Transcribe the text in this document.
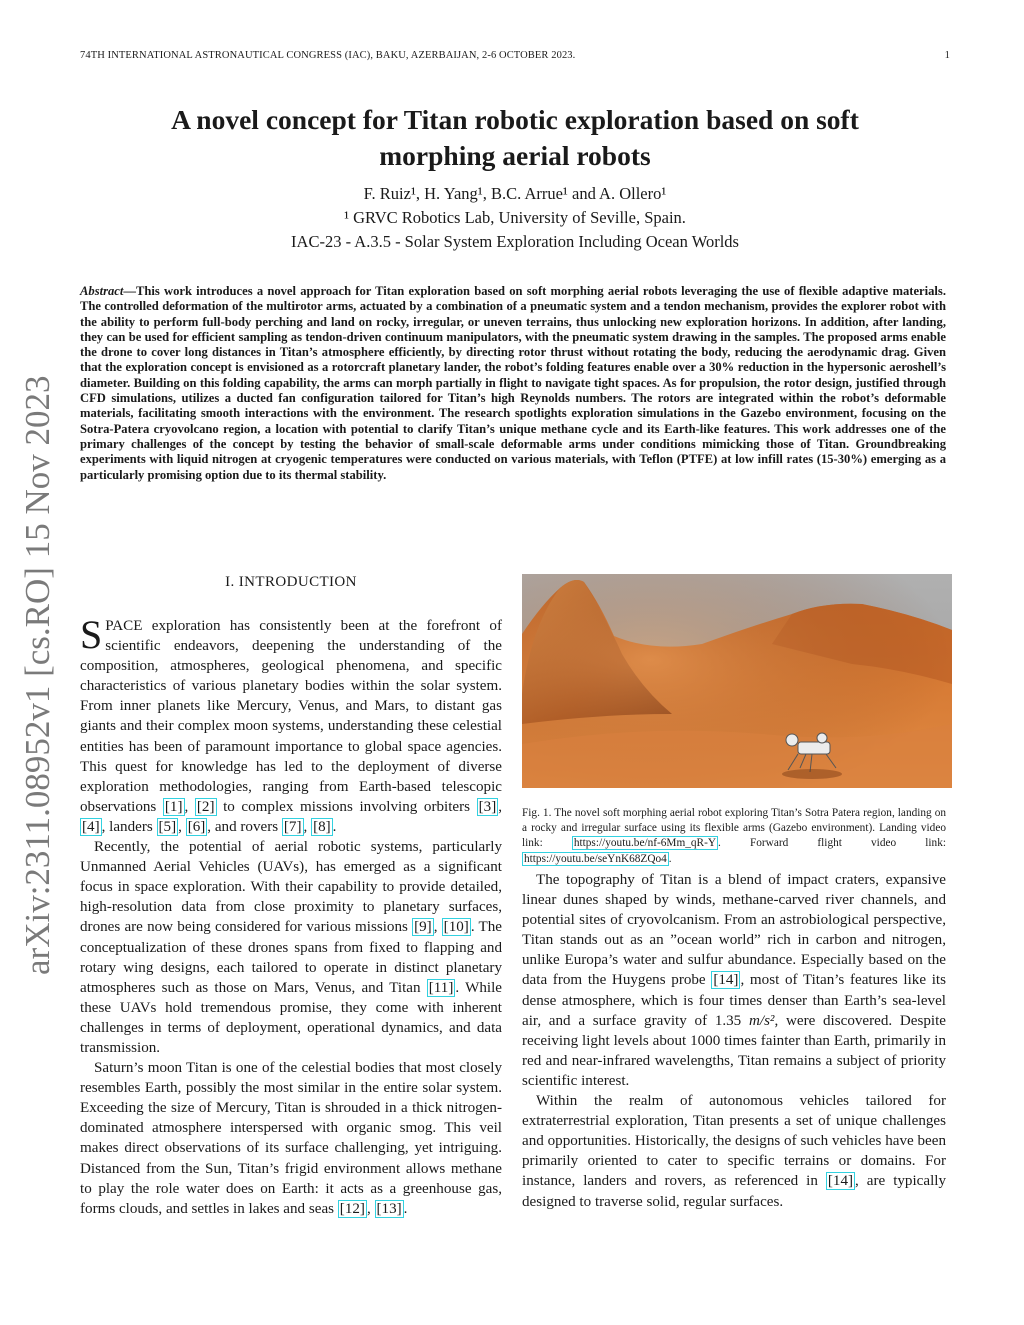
74TH INTERNATIONAL ASTRONAUTICAL CONGRESS (IAC), BAKU, AZERBAIJAN, 2-6 OCTOBER 2023.	1
arXiv:2311.08952v1 [cs.RO] 15 Nov 2023
A novel concept for Titan robotic exploration based on soft
morphing aerial robots
F. Ruiz¹, H. Yang¹, B.C. Arrue¹ and A. Ollero¹
¹ GRVC Robotics Lab, University of Seville, Spain.
IAC-23 - A.3.5 - Solar System Exploration Including Ocean Worlds
Abstract—This work introduces a novel approach for Titan exploration based on soft morphing aerial robots leveraging the use of flexible adaptive materials. The controlled deformation of the multirotor arms, actuated by a combination of a pneumatic system and a tendon mechanism, provides the explorer robot with the ability to perform full-body perching and land on rocky, irregular, or uneven terrains, thus unlocking new exploration horizons. In addition, after landing, they can be used for efficient sampling as tendon-driven continuum manipulators, with the pneumatic system drawing in the samples. The proposed arms enable the drone to cover long distances in Titan’s atmosphere efficiently, by directing rotor thrust without rotating the body, reducing the aerodynamic drag. Given that the exploration concept is envisioned as a rotorcraft planetary lander, the robot’s folding features enable over a 30% reduction in the hypersonic aeroshell’s diameter. Building on this folding capability, the arms can morph partially in flight to navigate tight spaces. As for propulsion, the rotor design, justified through CFD simulations, utilizes a ducted fan configuration tailored for Titan’s high Reynolds numbers. The rotors are integrated within the robot’s deformable materials, facilitating smooth interactions with the environment. The research spotlights exploration simulations in the Gazebo environment, focusing on the Sotra-Patera cryovolcano region, a location with potential to clarify Titan’s unique methane cycle and its Earth-like features. This work addresses one of the primary challenges of the concept by testing the behavior of small-scale deformable arms under conditions mimicking those of Titan. Groundbreaking experiments with liquid nitrogen at cryogenic temperatures were conducted on various materials, with Teflon (PTFE) at low infill rates (15-30%) emerging as a particularly promising option due to its thermal stability.
I. INTRODUCTION

SPACE exploration has consistently been at the forefront of scientific endeavors, deepening the understanding of the composition, atmospheres, geological phenomena, and specific characteristics of various planetary bodies within the solar system. From inner planets like Mercury, Venus, and Mars, to distant gas giants and their complex moon systems, understanding these celestial entities has been of paramount importance to global space agencies. This quest for knowledge has led to the deployment of diverse exploration methodologies, ranging from Earth-based telescopic observations [1] , [2] to complex missions involving orbiters [3] , [4] , landers [5] , [6] , and rovers [7] , [8] .

Recently, the potential of aerial robotic systems, particularly Unmanned Aerial Vehicles (UAVs), has emerged as a significant focus in space exploration. With their capability to provide detailed, high-resolution data from close proximity to planetary surfaces, drones are now being considered for various missions [9] , [10] . The conceptualization of these drones spans from fixed to flapping and rotary wing designs, each tailored to operate in distinct planetary atmospheres such as those on Mars, Venus, and Titan [11] . While these UAVs hold tremendous promise, they come with inherent challenges in terms of deployment, operational dynamics, and data transmission.

Saturn’s moon Titan is one of the celestial bodies that most closely resembles Earth, possibly the most similar in the entire solar system. Exceeding the size of Mercury, Titan is shrouded in a thick nitrogen-dominated atmosphere interspersed with organic smog. This veil makes direct observations of its surface challenging, yet intriguing. Distanced from the Sun, Titan’s frigid environment allows methane to play the role water does on Earth: it acts as a greenhouse gas, forms clouds, and settles in lakes and seas [12] , [13] .

Fig. 1. The novel soft morphing aerial robot exploring Titan’s Sotra Patera region, landing on a rocky and irregular surface using its flexible arms (Gazebo environment). Landing video link: https://youtu.be/nf-6Mm_qR-Y . Forward flight video link: https://youtu.be/seYnK68ZQo4 .

The topography of Titan is a blend of impact craters, expansive linear dunes shaped by winds, methane-carved river channels, and potential sites of cryovolcanism. From an astrobiological perspective, Titan stands out as an ”ocean world” rich in carbon and nitrogen, unlike Europa’s water and sulfur abundance. Especially based on the data from the Huygens probe [14] , most of Titan’s features like its dense atmosphere, which is four times denser than Earth’s sea-level air, and a surface gravity of 1.35 m/s², were discovered. Despite receiving light levels about 1000 times fainter than Earth, primarily in red and near-infrared wavelengths, Titan remains a subject of priority scientific interest.

Within the realm of autonomous vehicles tailored for extraterrestrial exploration, Titan presents a set of unique challenges and opportunities. Historically, the designs of such vehicles have been primarily oriented to cater to specific terrains or domains. For instance, landers and rovers, as referenced in [14] , are typically designed to traverse solid, regular surfaces.
